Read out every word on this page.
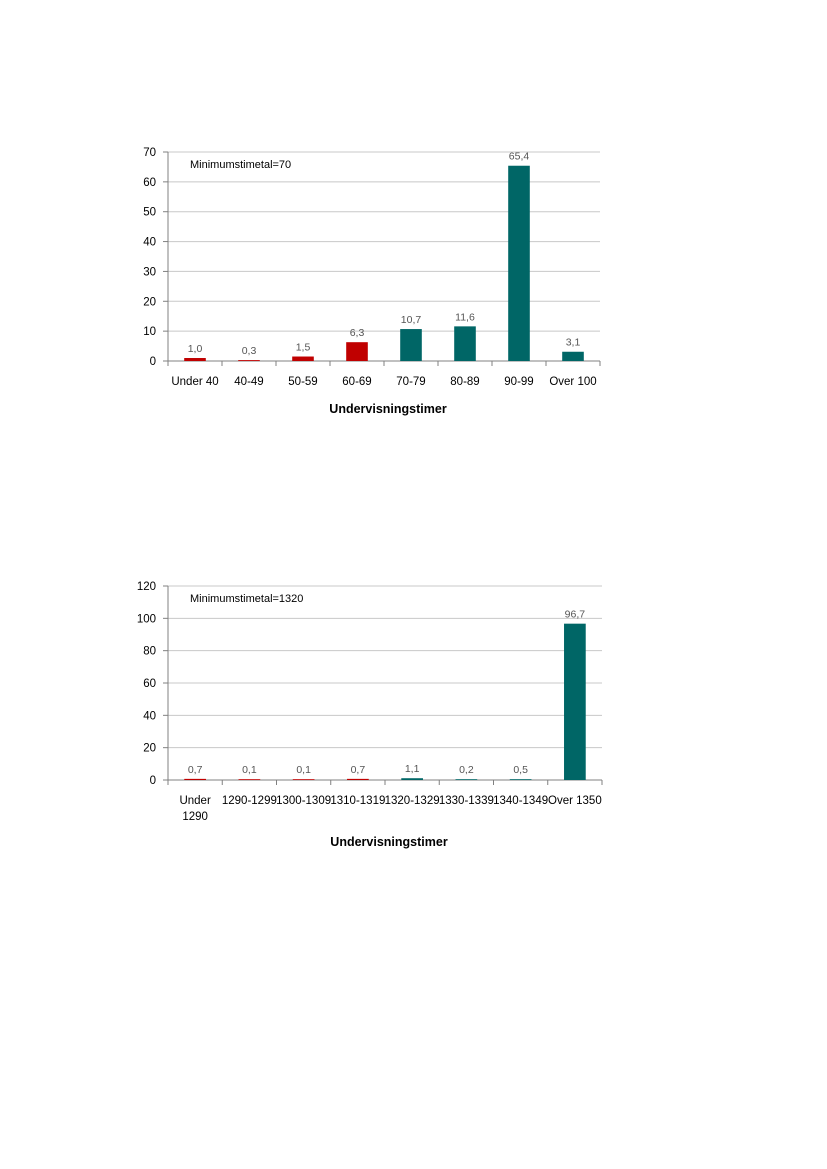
0
10
20
30
40
50
60
70
1,0
Under 40
0,3
40-49
1,5
50-59
6,3
60-69
10,7
70-79
11,6
80-89
65,4
90-99
3,1
Over 100
Minimumstimetal=70
Undervisningstimer
0
20
40
60
80
100
120
0,7
Under
1290
0,1
1290-1299
0,1
1300-1309
0,7
1310-1319
1,1
1320-1329
0,2
1330-1339
0,5
1340-1349
96,7
Over 1350
Minimumstimetal=1320
Undervisningstimer
